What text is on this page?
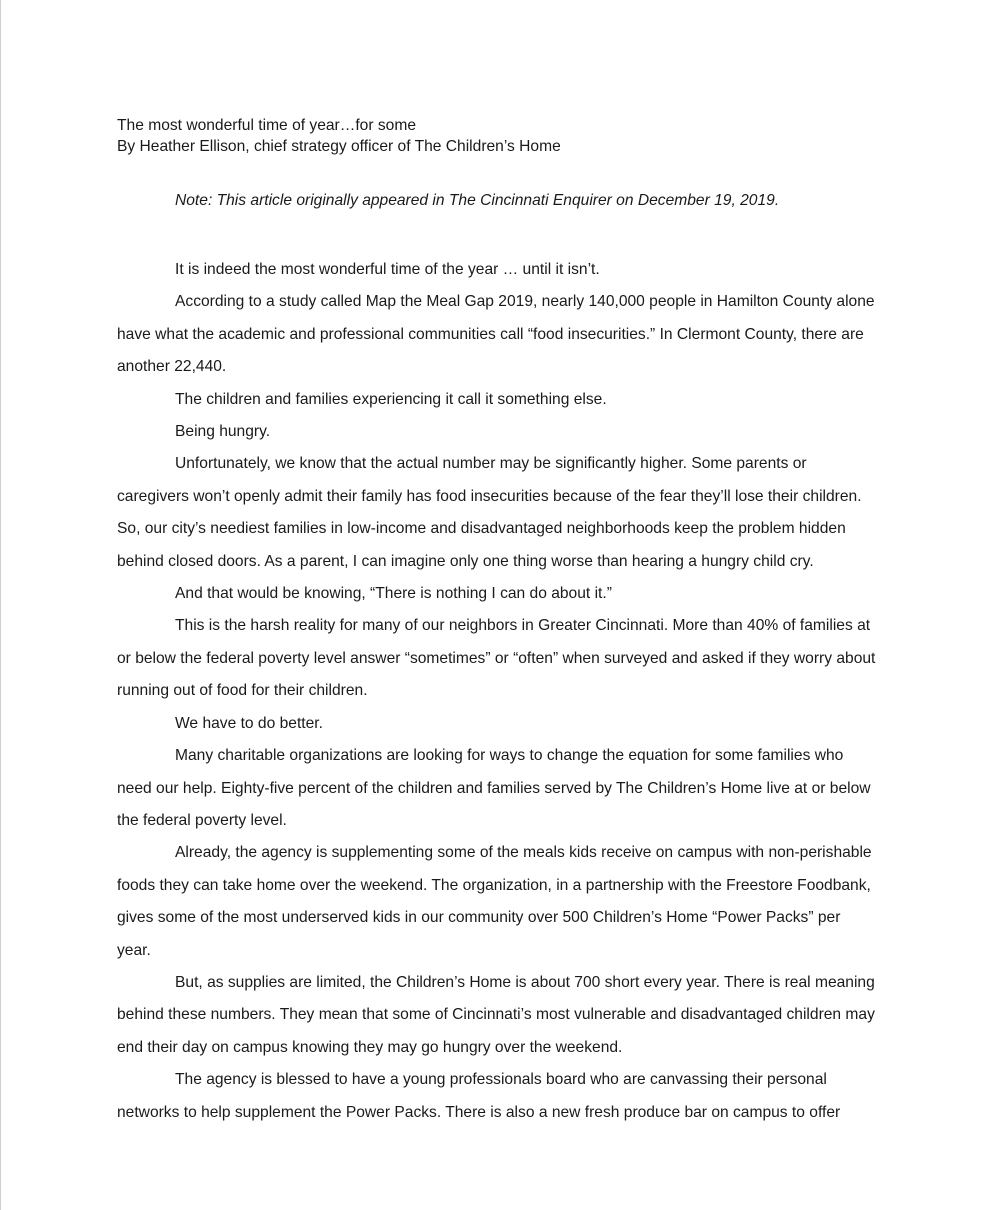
The most wonderful time of year…for some
By Heather Ellison, chief strategy officer of The Children’s Home
Note: This article originally appeared in The Cincinnati Enquirer on December 19, 2019.

It is indeed the most wonderful time of the year … until it isn’t.

According to a study called Map the Meal Gap 2019, nearly 140,000 people in Hamilton County alone have what the academic and professional communities call “food insecurities.” In Clermont County, there are another 22,440.

The children and families experiencing it call it something else.

Being hungry.

Unfortunately, we know that the actual number may be significantly higher. Some parents or caregivers won’t openly admit their family has food insecurities because of the fear they’ll lose their children. So, our city’s neediest families in low-income and disadvantaged neighborhoods keep the problem hidden behind closed doors. As a parent, I can imagine only one thing worse than hearing a hungry child cry.

And that would be knowing, “There is nothing I can do about it.”

This is the harsh reality for many of our neighbors in Greater Cincinnati. More than 40% of families at or below the federal poverty level answer “sometimes” or “often” when surveyed and asked if they worry about running out of food for their children.

We have to do better.

Many charitable organizations are looking for ways to change the equation for some families who need our help. Eighty-five percent of the children and families served by The Children’s Home live at or below the federal poverty level.

Already, the agency is supplementing some of the meals kids receive on campus with non-perishable foods they can take home over the weekend. The organization, in a partnership with the Freestore Foodbank, gives some of the most underserved kids in our community over 500 Children’s Home “Power Packs” per year.

But, as supplies are limited, the Children’s Home is about 700 short every year. There is real meaning behind these numbers. They mean that some of Cincinnati’s most vulnerable and disadvantaged children may end their day on campus knowing they may go hungry over the weekend.

The agency is blessed to have a young professionals board who are canvassing their personal networks to help supplement the Power Packs. There is also a new fresh produce bar on campus to offer
